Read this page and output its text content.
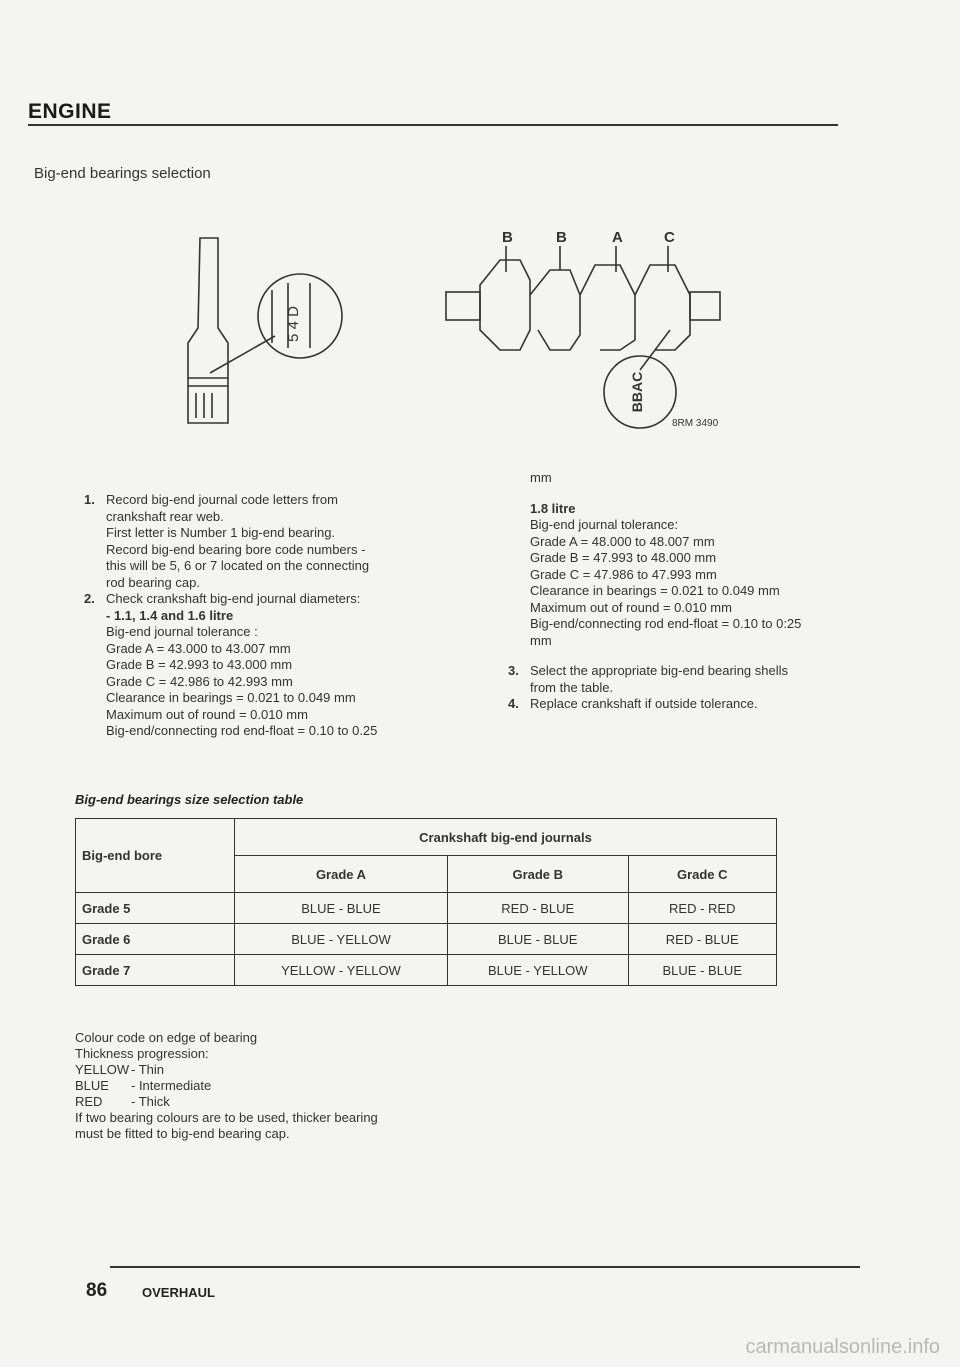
ENGINE
Big-end bearings selection
5 4 D
B	B	A	C
BBAC
8RM 3490
1. Record big-end journal code letters from

crankshaft rear web.

First letter is Number 1 big-end bearing.

Record big-end bearing bore code numbers -

this will be 5, 6 or 7 located on the connecting

rod bearing cap.

2. Check crankshaft big-end journal diameters:

- 1.1, 1.4 and 1.6 litre

Big-end journal tolerance :

Grade A = 43.000 to 43.007 mm

Grade B = 42.993 to 43.000 mm

Grade C = 42.986 to 42.993 mm

Clearance in bearings = 0.021 to 0.049 mm

Maximum out of round = 0.010 mm

Big-end/connecting rod end-float = 0.10 to 0.25

mm

1.8 litre

Big-end journal tolerance:

Grade A = 48.000 to 48.007 mm

Grade B = 47.993 to 48.000 mm

Grade C = 47.986 to 47.993 mm

Clearance in bearings = 0.021 to 0.049 mm

Maximum out of round = 0.010 mm

Big-end/connecting rod end-float = 0.10 to 0:25

mm

3. Select the appropriate big-end bearing shells

from the table.

4. Replace crankshaft if outside tolerance.

Big-end bearings size selection table
Big-end bore	Crankshaft big-end journals		
	Grade A	Grade B	Grade C
Grade 5	BLUE - BLUE	RED - BLUE	RED - RED
Grade 6	BLUE - YELLOW	BLUE - BLUE	RED - BLUE
Grade 7	YELLOW - YELLOW	BLUE - YELLOW	BLUE - BLUE

Colour code on edge of bearing

Thickness progression:

YELLOW - Thin

BLUE - Intermediate

RED - Thick

If two bearing colours are to be used, thicker bearing

must be fitted to big-end bearing cap.

86	OVERHAUL
carmanualsonline.info
